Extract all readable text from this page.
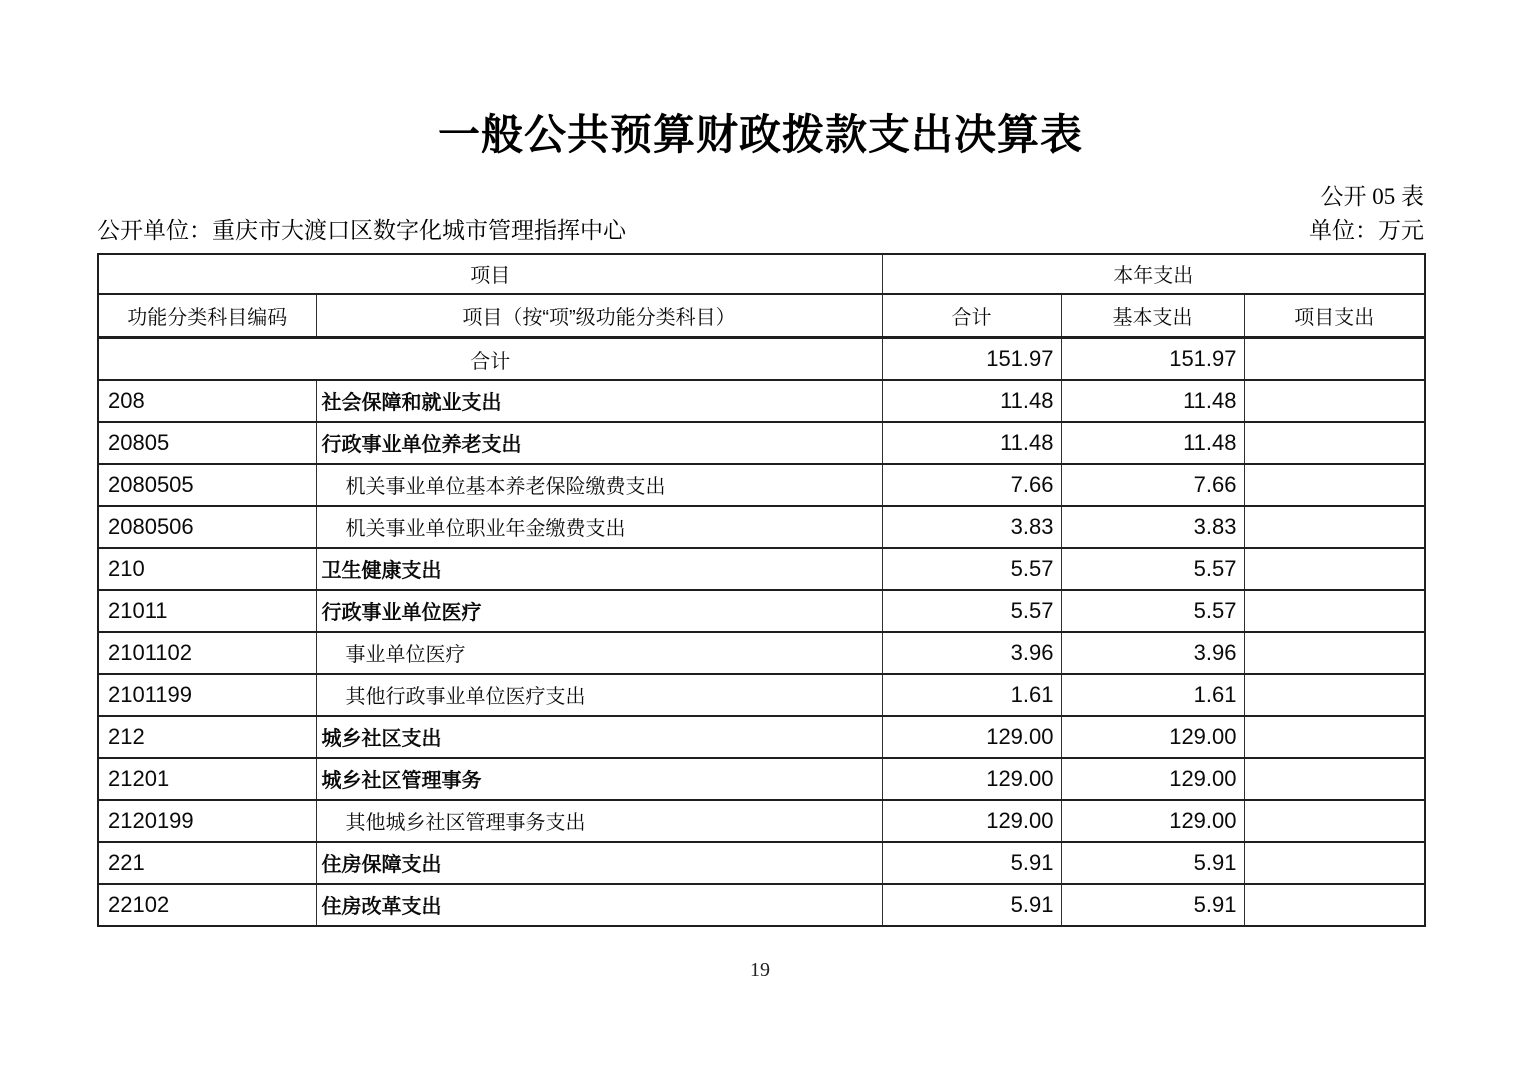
一般公共预算财政拨款支出决算表
公开 05 表
公开单位：重庆市大渡口区数字化城市管理指挥中心	单位：万元
项目		本年支出		
功能分类科目编码	项目（按“项”级功能分类科目）	合计	基本支出	项目支出
合计		151.97	151.97	
208	社会保障和就业支出	11.48	11.48	
20805	行政事业单位养老支出	11.48	11.48	
2080505	机关事业单位基本养老保险缴费支出	7.66	7.66	
2080506	机关事业单位职业年金缴费支出	3.83	3.83	
210	卫生健康支出	5.57	5.57	
21011	行政事业单位医疗	5.57	5.57	
2101102	事业单位医疗	3.96	3.96	
2101199	其他行政事业单位医疗支出	1.61	1.61	
212	城乡社区支出	129.00	129.00	
21201	城乡社区管理事务	129.00	129.00	
2120199	其他城乡社区管理事务支出	129.00	129.00	
221	住房保障支出	5.91	5.91	
22102	住房改革支出	5.91	5.91	
19
